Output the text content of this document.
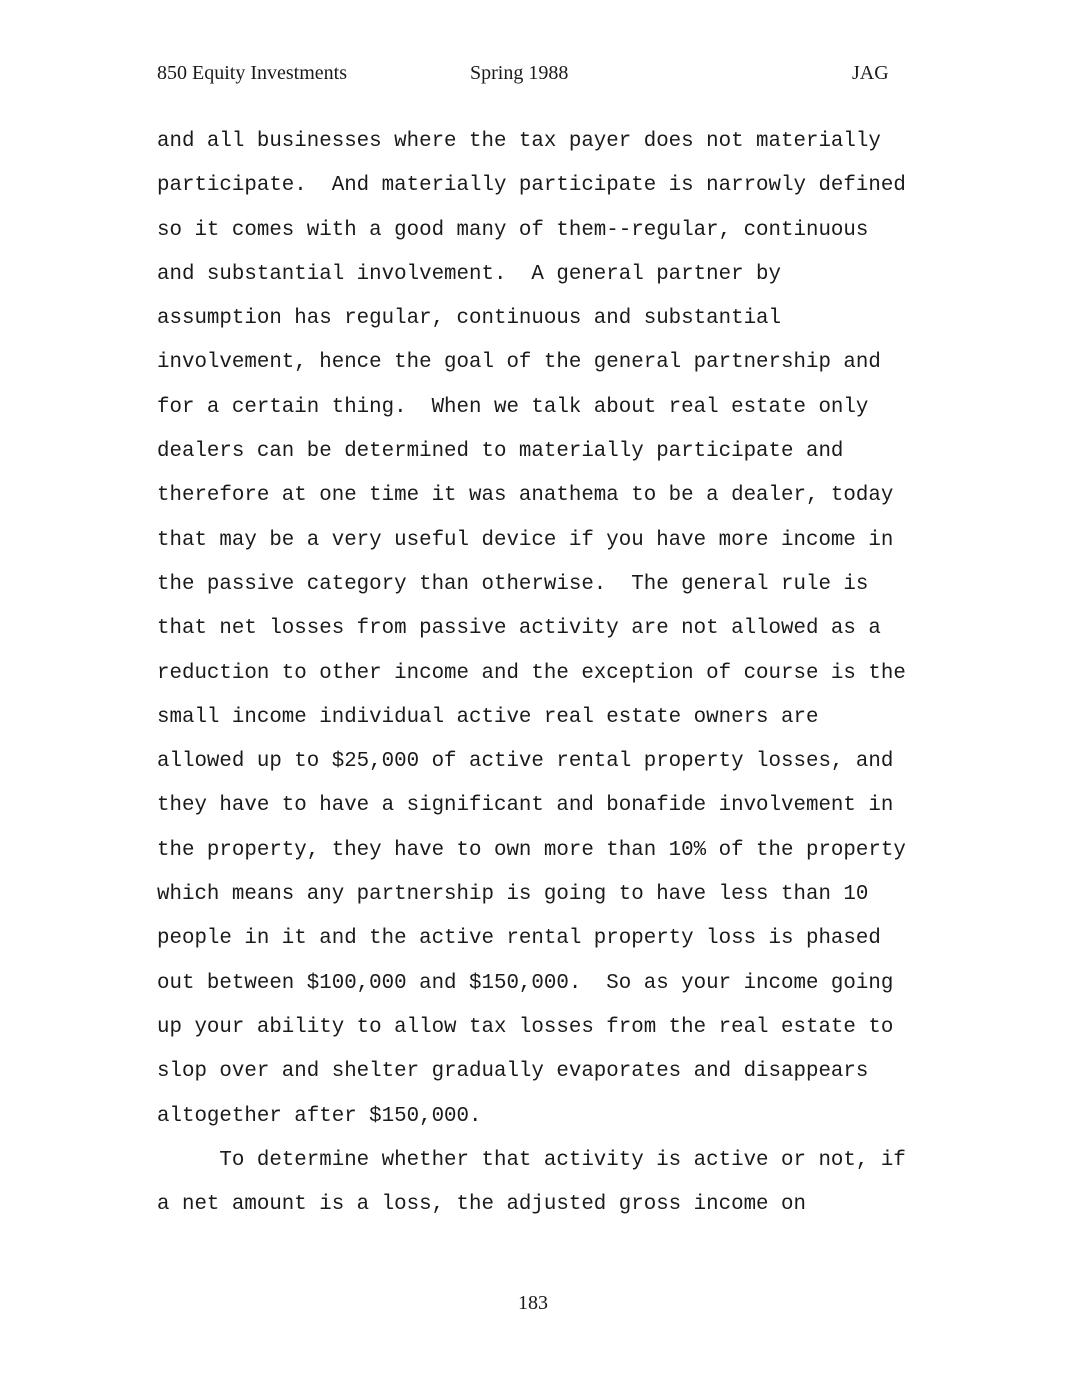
850 Equity Investments	Spring 1988	JAG
and all businesses where the tax payer does not materially
participate.  And materially participate is narrowly defined
so it comes with a good many of them--regular, continuous
and substantial involvement.  A general partner by
assumption has regular, continuous and substantial
involvement, hence the goal of the general partnership and
for a certain thing.  When we talk about real estate only
dealers can be determined to materially participate and
therefore at one time it was anathema to be a dealer, today
that may be a very useful device if you have more income in
the passive category than otherwise.  The general rule is
that net losses from passive activity are not allowed as a
reduction to other income and the exception of course is the
small income individual active real estate owners are
allowed up to $25,000 of active rental property losses, and
they have to have a significant and bonafide involvement in
the property, they have to own more than 10% of the property
which means any partnership is going to have less than 10
people in it and the active rental property loss is phased
out between $100,000 and $150,000.  So as your income going
up your ability to allow tax losses from the real estate to
slop over and shelter gradually evaporates and disappears
altogether after $150,000.
To determine whether that activity is active or not, if
a net amount is a loss, the adjusted gross income on
183
